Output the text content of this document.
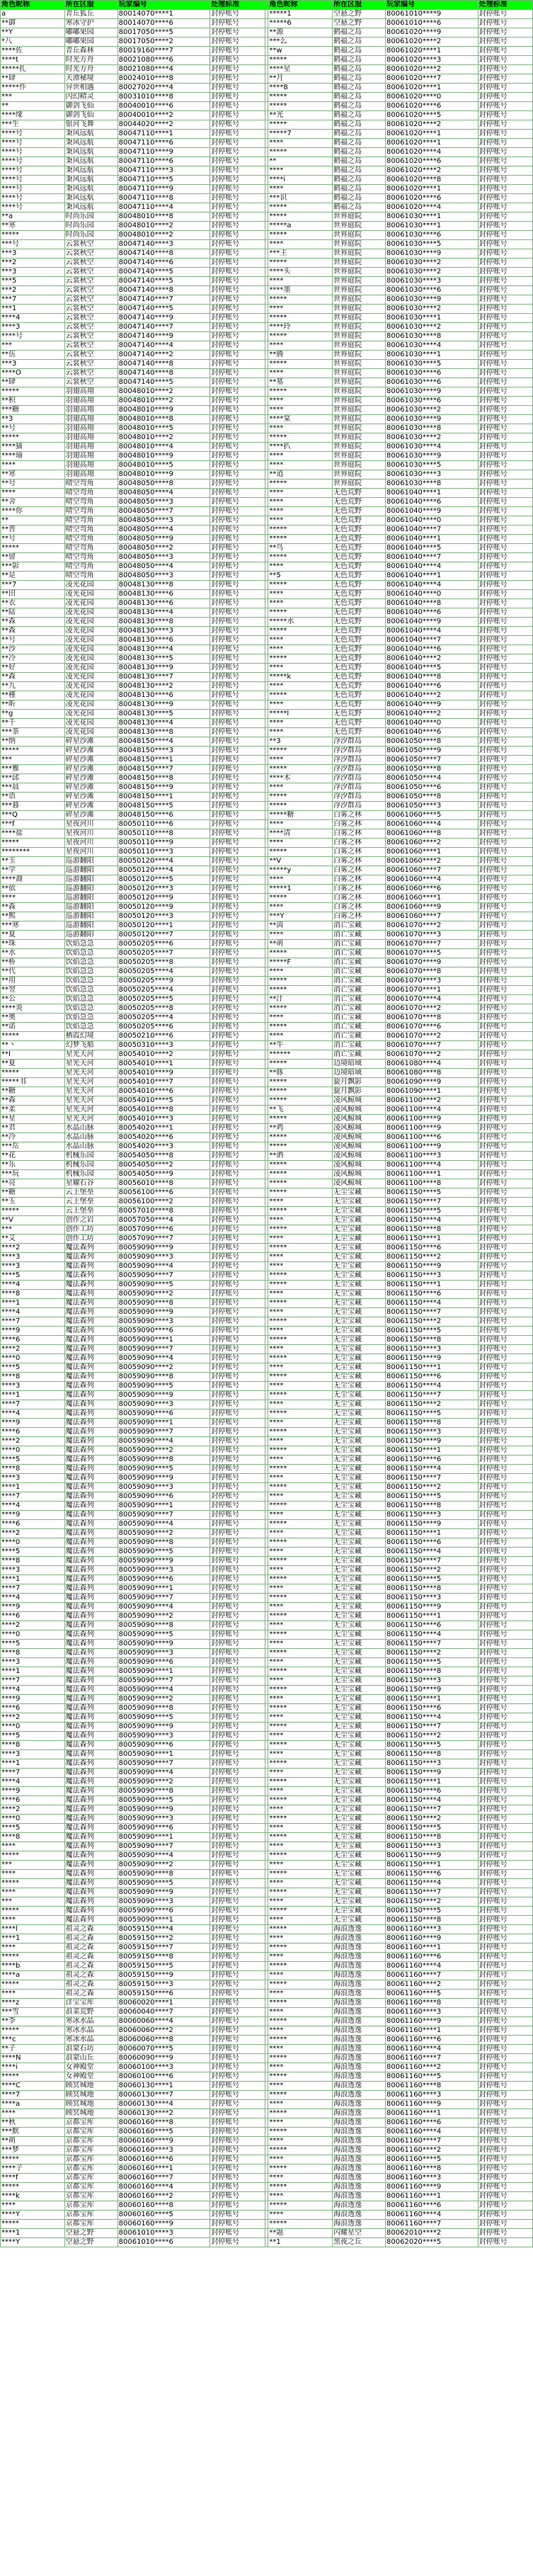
角色昵称	所在区服	玩家编号	处理标准		角色昵称	所在区服	玩家编号	处理标准
a	青丘狐丘	80014070****1	封停账号		*****1	空悬之野	80061010****9	封停账号
**御	寒冰守护	80014070****6	封停账号		*****6	空悬之野	80061010****6	封停账号
**Y	嘟嘟果园	80017050****5	封停账号		**源	鹤福之岛	80061020****9	封停账号
*八	嘟嘟果园	80017050****2	封停账号		***么	鹤福之岛	80061020****2	封停账号
****佐	青丘森林	80019160****7	封停账号		**w	鹤福之岛	80061020****1	封停账号
****t	时光方舟	80021080****6	封停账号		*****	鹤福之岛	80061020****3	封停账号
*****扎	时光方舟	80021080****4	封停账号		****星	鹤福之岛	80061020****2	封停账号
**肆	天潭秘境	80024010****8	封停账号		**月	鹤福之岛	80061020****7	封停账号
*****作	异世相遇	80027020****4	封停账号		****8	鹤福之岛	80061020****1	封停账号
***	闪幻精灵	80031010****8	封停账号		*****	鹤福之岛	80061020****0	封停账号
**	御剑飞仙	80040010****6	封停账号		*****	鹤福之岛	80061020****6	封停账号
****缘	御剑飞仙	80040010****2	封停账号		**光	鹤福之岛	80061020****5	封停账号
***生	银河飞舞	80044020****2	封停账号		*****	鹤福之岛	80061020****2	封停账号
****号	秉风远航	80047110****1	封停账号		*****7	鹤福之岛	80061020****1	封停账号
****号	秉风远航	80047110****6	封停账号		****	鹤福之岛	80061020****1	封停账号
****号	秉风远航	80047110****9	封停账号		*****	鹤福之岛	80061020****4	封停账号
****号	秉风远航	80047110****6	封停账号		**	鹤福之岛	80061020****6	封停账号
****号	秉风远航	80047110****3	封停账号		****	鹤福之岛	80061020****2	封停账号
****号	秉风远航	80047110****5	封停账号		****i	鹤福之岛	80061020****8	封停账号
****号	秉风远航	80047110****9	封停账号		****	鹤福之岛	80061020****1	封停账号
****号	秉风远航	80047110****8	封停账号		***识	鹤福之岛	80061020****6	封停账号
****号	秉风远航	80047110****4	封停账号		*****	鹤福之岛	80061020****4	封停账号
**a	时尚乐园	80048010****8	封停账号		*****	世界庭院	80061030****1	封停账号
**寒	时尚乐园	80048010****2	封停账号		*****a	世界庭院	80061030****1	封停账号
*****	时尚乐园	80048010****2	封停账号		*****	世界庭院	80061030****6	封停账号
***号	云裳秋空	80047140****3	封停账号		****	世界庭院	80061030****5	封停账号
***3	云裳秋空	80047140****8	封停账号		***主	世界庭院	80061030****9	封停账号
***2	云裳秋空	80047140****6	封停账号		*****	世界庭院	80061030****2	封停账号
***3	云裳秋空	80047140****5	封停账号		****头	世界庭院	80061030****2	封停账号
***5	云裳秋空	80047140****5	封停账号		****	世界庭院	80061030****3	封停账号
***2	云裳秋空	80047140****8	封停账号		****墨	世界庭院	80061030****6	封停账号
***7	云裳秋空	80047140****7	封停账号		*****	世界庭院	80061030****9	封停账号
***1	云裳秋空	80047140****5	封停账号		****	世界庭院	80061030****2	封停账号
****4	云裳秋空	80047140****9	封停账号		*****	世界庭院	80061030****1	封停账号
****3	云裳秋空	80047140****7	封停账号		****玲	世界庭院	80061030****2	封停账号
****号	云裳秋空	80047140****9	封停账号		*****	世界庭院	80061030****8	封停账号
***	云裳秋空	80047140****4	封停账号		****	世界庭院	80061030****4	封停账号
**伍	云裳秋空	80047140****2	封停账号		**腾	世界庭院	80061030****1	封停账号
***3	云裳秋空	80047140****8	封停账号		*****	世界庭院	80061030****5	封停账号
****O	云裳秋空	80047140****8	封停账号		****	世界庭院	80061030****6	封停账号
**肆	云裳秋空	80047140****5	封停账号		**墓	世界庭院	80061030****6	封停账号
*****	羽翅高翔	80048010****2	封停账号		*****	世界庭院	80061030****9	封停账号
**积	羽翅高翔	80048010****2	封停账号		****	世界庭院	80061030****6	封停账号
***糖	羽翅高翔	80048010****9	封停账号		****	世界庭院	80061030****2	封停账号
**3	羽翅高翔	80048010****8	封停账号		****棠	世界庭院	80061030****9	封停账号
**号	羽翅高翔	80048010****5	封停账号		****	世界庭院	80061030****8	封停账号
*****	羽翅高翔	80048010****2	封停账号		*****	世界庭院	80061030****2	封停账号
****猫	羽翅高翔	80048010****4	封停账号		****扒	世界庭院	80061030****4	封停账号
****瑜	羽翅高翔	80048010****9	封停账号		****	世界庭院	80061030****9	封停账号
****	羽翅高翔	80048010****5	封停账号		****	世界庭院	80061030****5	封停账号
**寒	羽翅高翔	80048010****9	封停账号		**逍	世界庭院	80061030****3	封停账号
**号	晴空弯角	80048050****8	封停账号		*****	世界庭院	80061030****8	封停账号
****	晴空弯角	80048050****4	封停账号		****	无色荒野	80061040****1	封停账号
**舍	晴空弯角	80048050****3	封停账号		****	无色荒野	80061040****6	封停账号
****你	晴空弯角	80048050****7	封停账号		****	无色荒野	80061040****9	封停账号
**	晴空弯角	80048050****3	封停账号		****	无色荒野	80061040****0	封停账号
**普	晴空弯角	80048050****4	封停账号		*****	无色荒野	80061040****7	封停账号
**号	晴空弯角	80048050****9	封停账号		*****	无色荒野	80061040****1	封停账号
*****	晴空弯角	80048050****2	封停账号		**鸟	无色荒野	80061040****5	封停账号
**留	晴空弯角	80048050****3	封停账号		*****	无色荒野	80061040****7	封停账号
***影	晴空弯角	80048050****4	封停账号		****	无色荒野	80061040****4	封停账号
**是	晴空弯角	80048050****3	封停账号		**5	无色荒野	80061040****1	封停账号
***7	凌光花园	80048130****8	封停账号		*****	无色荒野	80061040****4	封停账号
**田	凌光花园	80048130****6	封停账号		****	无色荒野	80061040****0	封停账号
**衣	凌光花园	80048130****6	封停账号		****	无色荒野	80061040****8	封停账号
**陆	凌光花园	80048130****4	封停账号		*****	无色荒野	80061040****6	封停账号
**森	凌光花园	80048130****8	封停账号		*****水	无色荒野	80061040****9	封停账号
**森	凌光花园	80048130****3	封停账号		*****	无色荒野	80061040****4	封停账号
**号	凌光花园	80048130****6	封停账号		****	无色荒野	80061040****7	封停账号
**沙	凌光花园	80048130****4	封停账号		****	无色荒野	80061040****6	封停账号
**冷	凌光花园	80048130****5	封停账号		*****	无色荒野	80061040****2	封停账号
**好	凌光花园	80048130****9	封停账号		****	无色荒野	80061040****5	封停账号
**森	凌光花园	80048130****7	封停账号		*****k	无色荒野	80061040****8	封停账号
**九	凌光花园	80048130****2	封停账号		****	无色荒野	80061040****6	封停账号
**槿	凌光花园	80048130****6	封停账号		*****	无色荒野	80061040****2	封停账号
**昕	凌光花园	80048130****9	封停账号		****	无色荒野	80061040****9	封停账号
**g	凌光花园	80048130****5	封停账号		*****l	无色荒野	80061040****2	封停账号
**千	凌光花园	80048130****4	封停账号		****	无色荒野	80061040****0	封停账号
***茶	凌光花园	80048130****8	封停账号		****	无色荒野	80061040****6	封停账号
**纳	碎星沙滩	80048150****4	封停账号		**3	浮汐群岛	80061050****8	封停账号
*****	碎星沙滩	80048150****3	封停账号		*****	浮汐群岛	80061050****9	封停账号
***	碎星沙滩	80048150****1	封停账号		****	浮汐群岛	80061050****7	封停账号
***雅	碎星沙滩	80048150****7	封停账号		*****	浮汐群岛	80061050****8	封停账号
***邱	碎星沙滩	80048150****8	封停账号		****木	浮汐群岛	80061050****4	封停账号
***晨	碎星沙滩	80048150****9	封停账号		****	浮汐群岛	80061050****6	封停账号
**语	碎星沙滩	80048150****1	封停账号		*****	浮汐群岛	80061050****8	封停账号
***暮	碎星沙滩	80048150****5	封停账号		*****	浮汐群岛	80061050****3	封停账号
***Q	碎星沙滩	80048150****6	封停账号		*****糖	白雾之林	80061060****5	封停账号
***f	星夜河川	80050110****6	封停账号		****	白雾之林	80061060****4	封停账号
****盐	星夜河川	80050110****8	封停账号		****清	白雾之林	80061060****8	封停账号
*****	星夜河川	80050110****9	封停账号		****	白雾之林	80061060****2	封停账号
********	星夜河川	80050110****3	封停账号		*****	白雾之林	80061060****1	封停账号
**玉	巡游翻阳	80050120****4	封停账号		**V	白雾之林	80061060****2	封停账号
**学	巡游翻阳	80050120****4	封停账号		*****y	白雾之林	80061060****7	封停账号
****裔	巡游翻阳	80050120****5	封停账号		****	白雾之林	80061060****4	封停账号
**依	巡游翻阳	80050120****3	封停账号		*****1	白雾之林	80061060****6	封停账号
****	巡游翻阳	80050120****9	封停账号		*****	白雾之林	80061060****1	封停账号
**森	巡游翻阳	80050120****9	封停账号		****	白雾之林	80061060****9	封停账号
**熙	巡游翻阳	80050120****3	封停账号		***Y	白雾之林	80061060****7	封停账号
***寒	巡游翻阳	80050120****1	封停账号		**茵	消亡宝藏	80061070****2	封停账号
**夏	巡游翻阳	80050120****7	封停账号		****	消亡宝藏	80061070****3	封停账号
**珠	饮焰急急	80050205****6	封停账号		**萌	消亡宝藏	80061070****7	封停账号
**水	饮焰急急	80050205****7	封停账号		*****	消亡宝藏	80061070****5	封停账号
**桥	饮焰急急	80050205****8	封停账号		*****F	消亡宝藏	80061070****9	封停账号
**代	饮焰急急	80050205****4	封停账号		****	消亡宝藏	80061070****8	封停账号
**用	饮焰急急	80050205****9	封停账号		*****	消亡宝藏	80061070****3	封停账号
**翌	饮焰急急	80050205****4	封停账号		*****	消亡宝藏	80061070****1	封停账号
**公	饮焰急急	80050205****5	封停账号		**汁	消亡宝藏	80061070****4	封停账号
****炎	饮焰急急	80050205****8	封停账号		*****	消亡宝藏	80061070****2	封停账号
**奥	饮焰急急	80050205****4	封停账号		****	消亡宝藏	80061070****8	封停账号
**诺	饮焰急急	80050205****6	封停账号		*****	消亡宝藏	80061070****6	封停账号
*****	栖霞幻境	80050210****6	封停账号		****	消亡宝藏	80061070****2	封停账号
**丶	幻梦飞船	80050310****3	封停账号		**牛	消亡宝藏	80061070****7	封停账号
**I	星光天河	80054010****2	封停账号		******	消亡宝藏	80061070****2	封停账号
**夏	星光天河	80054010****1	封停账号		*****	边境暗域	80061080****4	封停账号
*****	星光天河	80054010****9	封停账号		**豚	边境暗域	80061080****8	封停账号
*****书	星光天河	80054010****7	封停账号		*****	旋月飘影	80061090****9	封停账号
**糖	星光天河	80054010****6	封停账号		*****	旋月飘影	80061090****1	封停账号
**森	星光天河	80054010****5	封停账号		*****	凌风鲸城	80061100****2	封停账号
**柔	星光天河	80054010****8	封停账号		**飞	凌风鲸城	80061100****4	封停账号
**星	星光天河	80054010****3	封停账号		*****	凌风鲸城	80061100****9	封停账号
**君	水晶山脉	80054020****1	封停账号		**鸡	凌风鲸城	80061100****9	封停账号
**冷	水晶山脉	80054020****6	封停账号		*****	凌风鲸城	80061100****6	封停账号
***岳	水晶山脉	80054020****3	封停账号		*****	凌风鲸城	80061100****9	封停账号
**花	机械乐园	80054050****8	封停账号		**酒	凌风鲸城	80061100****3	封停账号
**乐	机械乐园	80054050****2	封停账号		*****	凌风鲸城	80061100****4	封停账号
***玩	机械乐园	80054050****9	封停账号		*****	凌风鲸城	80061100****1	封停账号
**亮	星耀石谷	80056010****8	封停账号		*****	凌风鲸城	80061100****8	封停账号
**糖	云上堡垒	80056100****6	封停账号		*****	无尘宝藏	80061150****5	封停账号
**玉	云上堡垒	80056100****2	封停账号		****	无尘宝藏	80061150****7	封停账号
*****	云上堡垒	80057010****8	封停账号		*****	无尘宝藏	80061150****5	封停账号
**V	创作之岩	80057050****4	封停账号		****	无尘宝藏	80061150****4	封停账号
***	创作工坊	80057090****6	封停账号		*****	无尘宝藏	80061150****8	封停账号
**艾	创作工坊	80057090****7	封停账号		****	无尘宝藏	80061150****1	封停账号
****2	魔法森列	80059090****9	封停账号		*****	无尘宝藏	80061150****6	封停账号
****3	魔法森列	80059090****3	封停账号		****	无尘宝藏	80061150****2	封停账号
****3	魔法森列	80059090****4	封停账号		****	无尘宝藏	80061150****9	封停账号
****5	魔法森列	80059090****7	封停账号		*****	无尘宝藏	80061150****3	封停账号
****4	魔法森列	80059090****5	封停账号		*****	无尘宝藏	80061150****1	封停账号
****8	魔法森列	80059090****2	封停账号		****	无尘宝藏	80061150****6	封停账号
****1	魔法森列	80059090****8	封停账号		*****	无尘宝藏	80061150****4	封停账号
****4	魔法森列	80059090****9	封停账号		****	无尘宝藏	80061150****7	封停账号
****7	魔法森列	80059090****3	封停账号		*****	无尘宝藏	80061150****2	封停账号
****9	魔法森列	80059090****6	封停账号		****	无尘宝藏	80061150****5	封停账号
****6	魔法森列	80059090****1	封停账号		*****	无尘宝藏	80061150****8	封停账号
****2	魔法森列	80059090****7	封停账号		****	无尘宝藏	80061150****3	封停账号
****0	魔法森列	80059090****4	封停账号		*****	无尘宝藏	80061150****9	封停账号
****5	魔法森列	80059090****2	封停账号		****	无尘宝藏	80061150****1	封停账号
****8	魔法森列	80059090****8	封停账号		*****	无尘宝藏	80061150****6	封停账号
****3	魔法森列	80059090****5	封停账号		****	无尘宝藏	80061150****4	封停账号
****1	魔法森列	80059090****9	封停账号		*****	无尘宝藏	80061150****7	封停账号
****7	魔法森列	80059090****3	封停账号		****	无尘宝藏	80061150****2	封停账号
****4	魔法森列	80059090****6	封停账号		*****	无尘宝藏	80061150****5	封停账号
****9	魔法森列	80059090****1	封停账号		****	无尘宝藏	80061150****8	封停账号
****6	魔法森列	80059090****7	封停账号		*****	无尘宝藏	80061150****3	封停账号
****2	魔法森列	80059090****4	封停账号		****	无尘宝藏	80061150****9	封停账号
****0	魔法森列	80059090****2	封停账号		*****	无尘宝藏	80061150****1	封停账号
****5	魔法森列	80059090****8	封停账号		****	无尘宝藏	80061150****6	封停账号
****8	魔法森列	80059090****5	封停账号		*****	无尘宝藏	80061150****4	封停账号
****3	魔法森列	80059090****9	封停账号		****	无尘宝藏	80061150****7	封停账号
****1	魔法森列	80059090****3	封停账号		*****	无尘宝藏	80061150****2	封停账号
****7	魔法森列	80059090****6	封停账号		****	无尘宝藏	80061150****5	封停账号
****4	魔法森列	80059090****1	封停账号		*****	无尘宝藏	80061150****8	封停账号
****9	魔法森列	80059090****7	封停账号		****	无尘宝藏	80061150****3	封停账号
****6	魔法森列	80059090****4	封停账号		*****	无尘宝藏	80061150****9	封停账号
****2	魔法森列	80059090****2	封停账号		****	无尘宝藏	80061150****1	封停账号
****0	魔法森列	80059090****8	封停账号		*****	无尘宝藏	80061150****6	封停账号
****5	魔法森列	80059090****5	封停账号		****	无尘宝藏	80061150****4	封停账号
****8	魔法森列	80059090****9	封停账号		*****	无尘宝藏	80061150****7	封停账号
****3	魔法森列	80059090****3	封停账号		****	无尘宝藏	80061150****2	封停账号
****1	魔法森列	80059090****6	封停账号		*****	无尘宝藏	80061150****5	封停账号
****7	魔法森列	80059090****1	封停账号		****	无尘宝藏	80061150****8	封停账号
****4	魔法森列	80059090****7	封停账号		*****	无尘宝藏	80061150****3	封停账号
****9	魔法森列	80059090****4	封停账号		****	无尘宝藏	80061150****9	封停账号
****6	魔法森列	80059090****2	封停账号		*****	无尘宝藏	80061150****1	封停账号
****2	魔法森列	80059090****8	封停账号		****	无尘宝藏	80061150****6	封停账号
****0	魔法森列	80059090****5	封停账号		*****	无尘宝藏	80061150****4	封停账号
****5	魔法森列	80059090****9	封停账号		****	无尘宝藏	80061150****7	封停账号
****8	魔法森列	80059090****3	封停账号		*****	无尘宝藏	80061150****2	封停账号
****3	魔法森列	80059090****6	封停账号		****	无尘宝藏	80061150****5	封停账号
****1	魔法森列	80059090****1	封停账号		*****	无尘宝藏	80061150****8	封停账号
****7	魔法森列	80059090****7	封停账号		****	无尘宝藏	80061150****3	封停账号
****4	魔法森列	80059090****4	封停账号		*****	无尘宝藏	80061150****9	封停账号
****9	魔法森列	80059090****2	封停账号		****	无尘宝藏	80061150****1	封停账号
****6	魔法森列	80059090****8	封停账号		*****	无尘宝藏	80061150****6	封停账号
****2	魔法森列	80059090****5	封停账号		****	无尘宝藏	80061150****4	封停账号
****0	魔法森列	80059090****9	封停账号		*****	无尘宝藏	80061150****7	封停账号
****5	魔法森列	80059090****3	封停账号		****	无尘宝藏	80061150****2	封停账号
****8	魔法森列	80059090****6	封停账号		*****	无尘宝藏	80061150****5	封停账号
****3	魔法森列	80059090****1	封停账号		****	无尘宝藏	80061150****8	封停账号
****1	魔法森列	80059090****7	封停账号		*****	无尘宝藏	80061150****3	封停账号
****7	魔法森列	80059090****4	封停账号		****	无尘宝藏	80061150****9	封停账号
****4	魔法森列	80059090****2	封停账号		*****	无尘宝藏	80061150****1	封停账号
****9	魔法森列	80059090****8	封停账号		****	无尘宝藏	80061150****6	封停账号
****6	魔法森列	80059090****5	封停账号		*****	无尘宝藏	80061150****4	封停账号
****2	魔法森列	80059090****9	封停账号		****	无尘宝藏	80061150****7	封停账号
****0	魔法森列	80059090****3	封停账号		*****	无尘宝藏	80061150****2	封停账号
****5	魔法森列	80059090****6	封停账号		****	无尘宝藏	80061150****5	封停账号
****8	魔法森列	80059090****1	封停账号		*****	无尘宝藏	80061150****8	封停账号
****	魔法森列	80059090****7	封停账号		****	无尘宝藏	80061150****3	封停账号
*****	魔法森列	80059090****4	封停账号		*****	无尘宝藏	80061150****9	封停账号
***	魔法森列	80059090****2	封停账号		****	无尘宝藏	80061150****1	封停账号
****	魔法森列	80059090****8	封停账号		*****	无尘宝藏	80061150****6	封停账号
*****	魔法森列	80059090****5	封停账号		****	无尘宝藏	80061150****4	封停账号
****	魔法森列	80059090****9	封停账号		*****	无尘宝藏	80061150****7	封停账号
***	魔法森列	80059090****3	封停账号		****	无尘宝藏	80061150****2	封停账号
*****	魔法森列	80059090****6	封停账号		*****	无尘宝藏	80061150****5	封停账号
****	魔法森列	80059090****1	封停账号		****	无尘宝藏	80061150****8	封停账号
****l	祖灵之森	80059150****4	封停账号		*****	海浪透逸	80061160****3	封停账号
****1	祖灵之森	80059150****2	封停账号		****	海浪透逸	80061160****9	封停账号
****	祖灵之森	80059150****7	封停账号		*****	海浪透逸	80061160****1	封停账号
*****	祖灵之森	80059150****8	封停账号		****	海浪透逸	80061160****6	封停账号
****b	祖灵之森	80059150****5	封停账号		*****	海浪透逸	80061160****4	封停账号
****a	祖灵之森	80059150****9	封停账号		****	海浪透逸	80061160****7	封停账号
*****	祖灵之森	80059150****3	封停账号		*****	海浪透逸	80061160****2	封停账号
****	祖灵之森	80059150****6	封停账号		****	海浪透逸	80061160****5	封停账号
****z	洋宝宝库	80060020****1	封停账号		*****	海浪透逸	80061160****8	封停账号
***雪	浪菜荒野	80060040****7	封停账号		****	海浪透逸	80061160****3	封停账号
**李	寒冰水晶	80060060****4	封停账号		*****	海浪透逸	80061160****9	封停账号
*****	寒冰水晶	80060060****2	封停账号		****	海浪透逸	80061160****1	封停账号
***c	寒冰水晶	80060060****8	封停账号		*****	海浪透逸	80061160****6	封停账号
**子	浪蒙石坊	80060070****5	封停账号		****	海浪透逸	80061160****4	封停账号
****N	浪蒙山丘	80060090****9	封停账号		*****	海浪透逸	80061160****7	封停账号
****i	女神殿堂	80060100****3	封停账号		****	海浪透逸	80061160****2	封停账号
*****	女神殿堂	80060100****6	封停账号		*****	海浪透逸	80061160****5	封停账号
****C	顾冥城地	80060130****1	封停账号		****	海浪透逸	80061160****8	封停账号
****7	顾冥城地	80060130****7	封停账号		*****	海浪透逸	80061160****3	封停账号
****a	顾冥城地	80060130****4	封停账号		****	海浪透逸	80061160****9	封停账号
****	顾冥城地	80060130****2	封停账号		*****	海浪透逸	80061160****1	封停账号
**秋	京都宝库	80060160****8	封停账号		****	海浪透逸	80061160****6	封停账号
***默	京都宝库	80060160****5	封停账号		*****	海浪透逸	80061160****4	封停账号
**萌	京都宝库	80060160****9	封停账号		****	海浪透逸	80061160****7	封停账号
***梦	京都宝库	80060160****3	封停账号		*****	海浪透逸	80061160****2	封停账号
*****	京都宝库	80060160****6	封停账号		****	海浪透逸	80061160****5	封停账号
****子	京都宝库	80060160****1	封停账号		*****	海浪透逸	80061160****8	封停账号
****f	京都宝库	80060160****7	封停账号		****	海浪透逸	80061160****3	封停账号
*****	京都宝库	80060160****4	封停账号		*****	海浪透逸	80061160****9	封停账号
****k	京都宝库	80060160****2	封停账号		****	海浪透逸	80061160****1	封停账号
****	京都宝库	80060160****8	封停账号		*****	海浪透逸	80061160****6	封停账号
****Y	京都宝库	80060160****5	封停账号		****	海浪透逸	80061160****4	封停账号
*****	京都宝库	80060160****9	封停账号		*****	海浪透逸	80061160****7	封停账号
****1	空悬之野	80061010****3	封停账号		**题	闪耀星空	80062010****2	封停账号
****Y	空悬之野	80061010****6	封停账号		**1	黑夜之丘	80062020****5	封停账号
